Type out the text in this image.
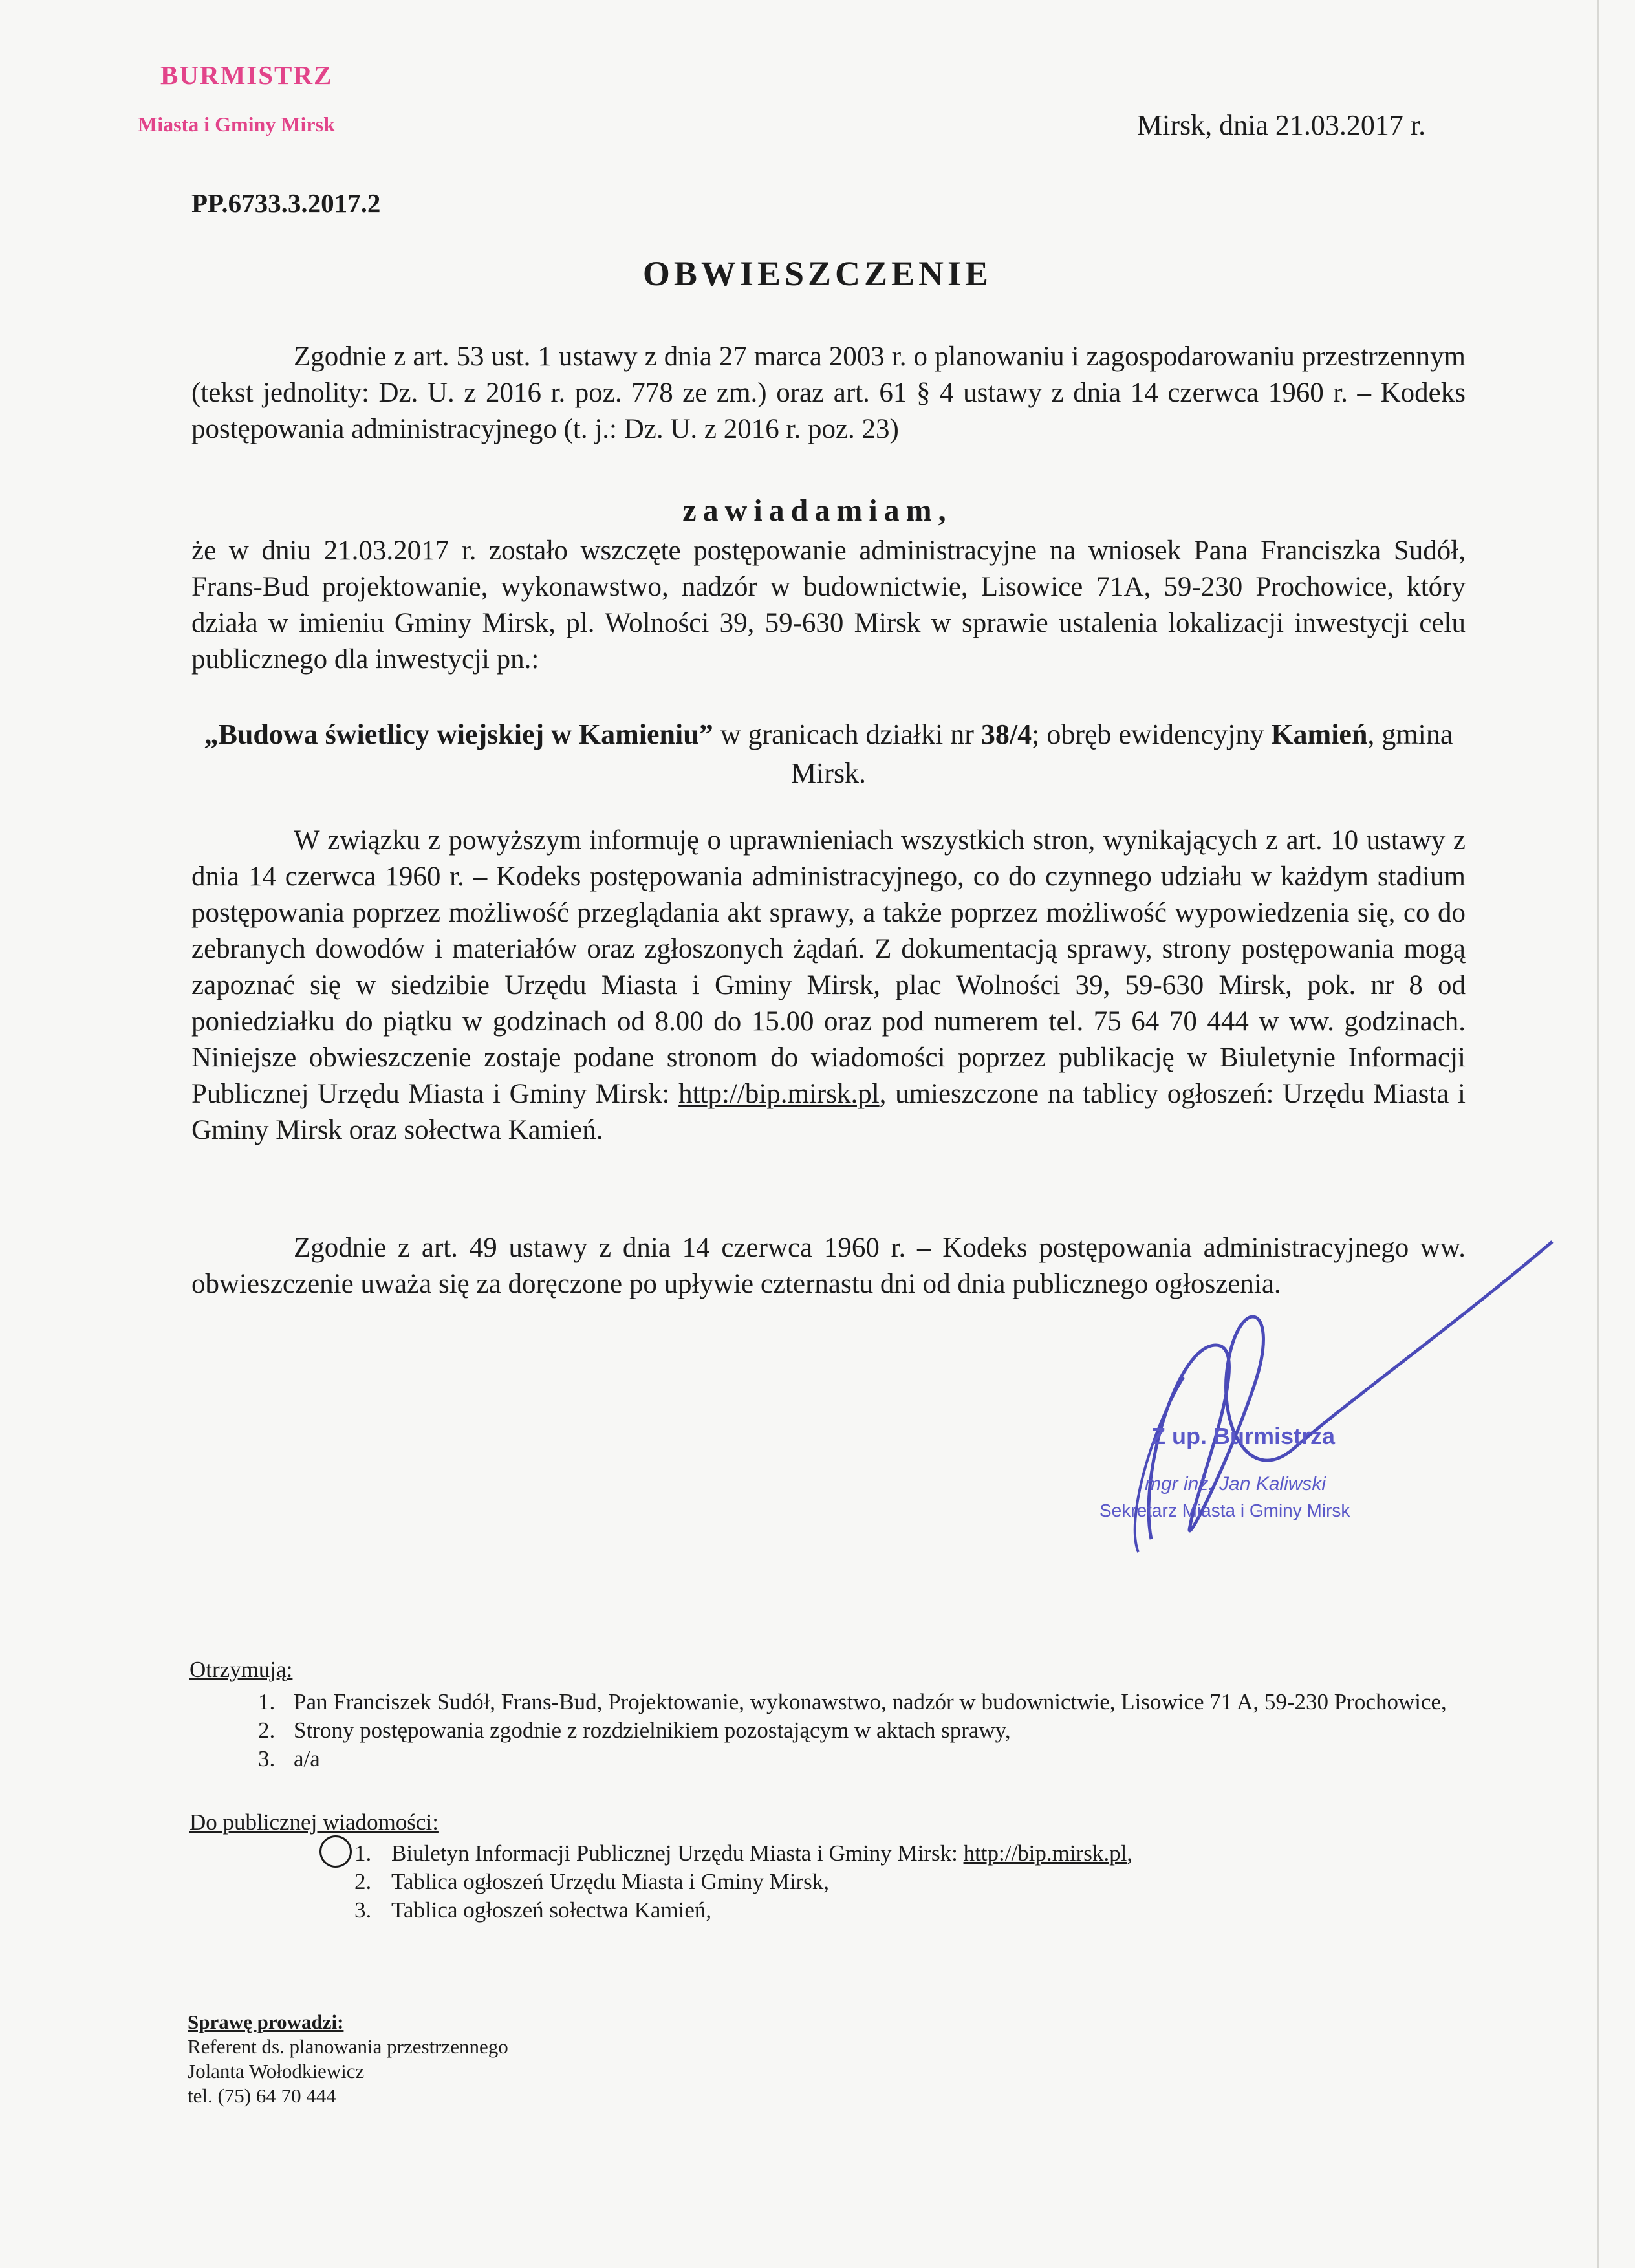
BURMISTRZ
Miasta i Gminy Mirsk	Mirsk, dnia 21.03.2017 r.
PP.6733.3.2017.2
OBWIESZCZENIE
Zgodnie z art. 53 ust. 1 ustawy z dnia 27 marca 2003 r. o planowaniu i zagospodarowaniu przestrzennym (tekst jednolity: Dz. U. z 2016 r. poz. 778 ze zm.) oraz art. 61 § 4 ustawy z dnia 14 czerwca 1960 r. – Kodeks postępowania administracyjnego (t. j.: Dz. U. z 2016 r. poz. 23)
zawiadamiam,
że w dniu 21.03.2017 r. zostało wszczęte postępowanie administracyjne na wniosek Pana Franciszka Sudół, Frans-Bud projektowanie, wykonawstwo, nadzór w budownictwie, Lisowice 71A, 59-230 Prochowice, który działa w imieniu Gminy Mirsk, pl. Wolności 39, 59-630 Mirsk w sprawie ustalenia lokalizacji inwestycji celu publicznego dla inwestycji pn.:
„Budowa świetlicy wiejskiej w Kamieniu” w granicach działki nr 38/4; obręb ewidencyjny Kamień, gmina Mirsk.
W związku z powyższym informuję o uprawnieniach wszystkich stron, wynikających z art. 10 ustawy z dnia 14 czerwca 1960 r. – Kodeks postępowania administracyjnego, co do czynnego udziału w każdym stadium postępowania poprzez możliwość przeglądania akt sprawy, a także poprzez możliwość wypowiedzenia się, co do zebranych dowodów i materiałów oraz zgłoszonych żądań. Z dokumentacją sprawy, strony postępowania mogą zapoznać się w siedzibie Urzędu Miasta i Gminy Mirsk, plac Wolności 39, 59-630 Mirsk, pok. nr 8 od poniedziałku do piątku w godzinach od 8.00 do 15.00 oraz pod numerem tel. 75 64 70 444 w ww. godzinach. Niniejsze obwieszczenie zostaje podane stronom do wiadomości poprzez publikację w Biuletynie Informacji Publicznej Urzędu Miasta i Gminy Mirsk: http://bip.mirsk.pl, umieszczone na tablicy ogłoszeń: Urzędu Miasta i Gminy Mirsk oraz sołectwa Kamień.
Zgodnie z art. 49 ustawy z dnia 14 czerwca 1960 r. – Kodeks postępowania administracyjnego ww. obwieszczenie uważa się za doręczone po upływie czternastu dni od dnia publicznego ogłoszenia.
Z up. Burmistrza
mgr inż. Jan Kaliwski
Sekretarz Miasta i Gminy Mirsk
Otrzymują:
1. Pan Franciszek Sudół, Frans-Bud, Projektowanie, wykonawstwo, nadzór w budownictwie, Lisowice 71 A, 59-230 Prochowice,
2. Strony postępowania zgodnie z rozdzielnikiem pozostającym w aktach sprawy,
3. a/a
Do publicznej wiadomości:
1. Biuletyn Informacji Publicznej Urzędu Miasta i Gminy Mirsk: http://bip.mirsk.pl,
2. Tablica ogłoszeń Urzędu Miasta i Gminy Mirsk,
3. Tablica ogłoszeń sołectwa Kamień,
Sprawę prowadzi:
Referent ds. planowania przestrzennego
Jolanta Wołodkiewicz
tel. (75) 64 70 444
